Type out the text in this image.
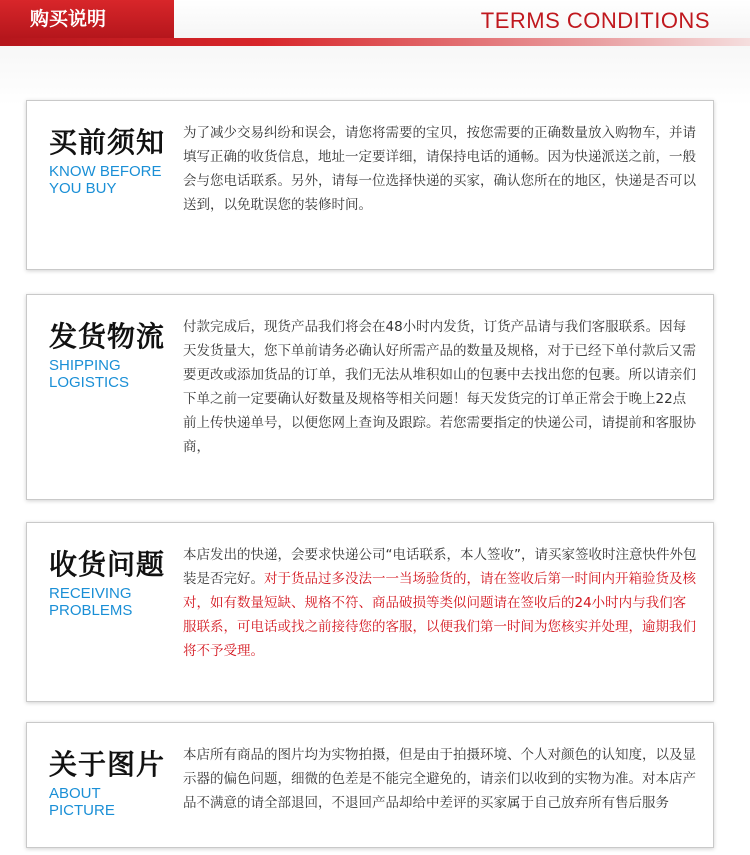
购买说明	TERMS CONDITIONS
买前须知
KNOW BEFORE
YOU BUY
为了减少交易纠纷和误会，请您将需要的宝贝，按您需要的正确数量放入购物车，并请填写正确的收货信息，地址一定要详细，请保持电话的通畅。因为快递派送之前，一般会与您电话联系。另外，请每一位选择快递的买家，确认您所在的地区，快递是否可以送到，以免耽误您的装修时间。
发货物流
SHIPPING
LOGISTICS
付款完成后，现货产品我们将会在48小时内发货，订货产品请与我们客服联系。因每天发货量大，您下单前请务必确认好所需产品的数量及规格，对于已经下单付款后又需要更改或添加货品的订单，我们无法从堆积如山的包裹中去找出您的包裹。所以请亲们下单之前一定要确认好数量及规格等相关问题！每天发货完的订单正常会于晚上22点前上传快递单号，以便您网上查询及跟踪。若您需要指定的快递公司，请提前和客服协商，
收货问题
RECEIVING
PROBLEMS
本店发出的快递，会要求快递公司“电话联系，本人签收”，请买家签收时注意快件外包装是否完好。对于货品过多没法一一当场验货的，请在签收后第一时间内开箱验货及核对，如有数量短缺、规格不符、商品破损等类似问题请在签收后的24小时内与我们客服联系，可电话或找之前接待您的客服，以便我们第一时间为您核实并处理，逾期我们将不予受理。
关于图片
ABOUT
PICTURE
本店所有商品的图片均为实物拍摄，但是由于拍摄环境、个人对颜色的认知度，以及显示器的偏色问题，细微的色差是不能完全避免的，请亲们以收到的实物为准。对本店产品不满意的请全部退回，不退回产品却给中差评的买家属于自己放弃所有售后服务
